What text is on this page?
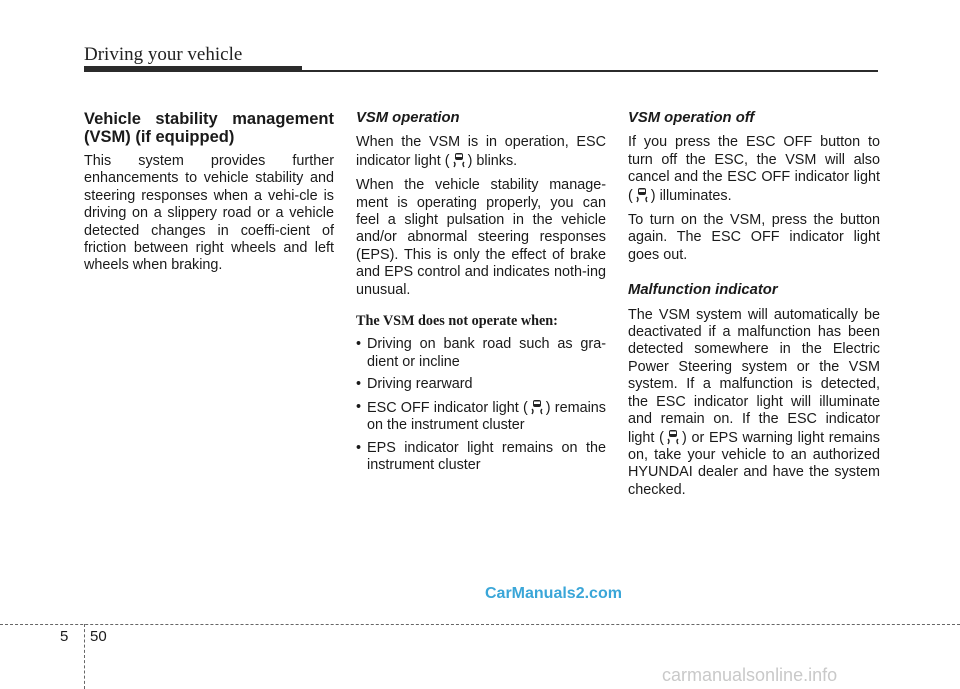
Driving your vehicle

Vehicle stability management (VSM) (if equipped)

This system provides further enhancements to vehicle stability and steering responses when a vehi-cle is driving on a slippery road or a vehicle detected changes in coeffi-cient of friction between right wheels and left wheels when braking.

VSM operation

When the VSM is in operation, ESC indicator light ( ) blinks.

When the vehicle stability manage-ment is operating properly, you can feel a slight pulsation in the vehicle and/or abnormal steering responses (EPS). This is only the effect of brake and EPS control and indicates noth-ing unusual.

The VSM does not operate when:

• Driving on bank road such as gra-dient or incline
• Driving rearward
• ESC OFF indicator light ( ) remains on the instrument cluster
• EPS indicator light remains on the instrument cluster

VSM operation off

If you press the ESC OFF button to turn off the ESC, the VSM will also cancel and the ESC OFF indicator light ( ) illuminates.

To turn on the VSM, press the button again. The ESC OFF indicator light goes out.

Malfunction indicator

The VSM system will automatically be deactivated if a malfunction has been detected somewhere in the Electric Power Steering system or the VSM system. If a malfunction is detected, the ESC indicator light will illuminate and remain on. If the ESC indicator light ( ) or EPS warning light remains on, take your vehicle to an authorized HYUNDAI dealer and have the system checked.

CarManuals2.com
5 50
carmanualsonline.info
